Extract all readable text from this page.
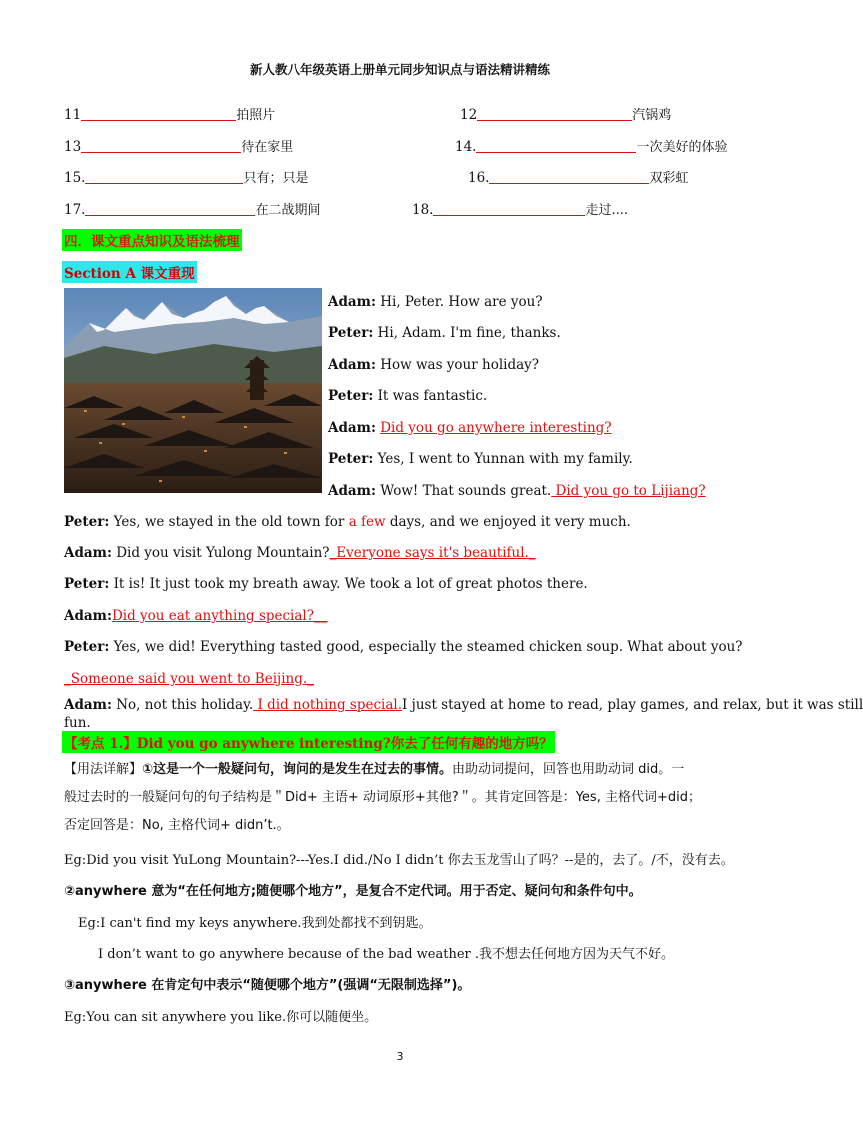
新人教八年级英语上册单元同步知识点与语法精讲精练
11	拍照片	12	汽锅鸡
13	待在家里	14.	一次美好的体验
15.	只有；只是	16.	双彩虹
17.	在二战期间	18.	走过....
四．课文重点知识及语法梳理
Section A 课文重现
Adam: Hi, Peter. How are you?
Peter: Hi, Adam. I'm fine, thanks.
Adam: How was your holiday?
Peter: It was fantastic.
Adam: Did you go anywhere interesting?
Peter: Yes, I went to Yunnan with my family.
Adam: Wow! That sounds great. Did you go to Lijiang?
Peter: Yes, we stayed in the old town for a few days, and we enjoyed it very much.
Adam: Did you visit Yulong Mountain?_Everyone says it's beautiful._
Peter: It is! It just took my breath away. We took a lot of great photos there.
Adam:Did you eat anything special?__
Peter: Yes, we did! Everything tasted good, especially the steamed chicken soup. What about you?
_Someone said you went to Beijing._
Adam: No, not this holiday. I did nothing special.I just stayed at home to read, play games, and relax, but it was still
fun.
【考点 1.】Did you go anywhere interesting?你去了任何有趣的地方吗？
【用法详解】①这是一个一般疑问句，询问的是发生在过去的事情。由助动词提问，回答也用助动词 did。一
般过去时的一般疑问句的句子结构是＂Did+ 主语+ 动词原形+其他?＂。其肯定回答是：Yes, 主格代词+did；
否定回答是：No, 主格代词+ didn’t.。
Eg:Did you visit YuLong Mountain?---Yes.I did./No I didn’t 你去玉龙雪山了吗？--是的，去了。/不，没有去。
②anywhere 意为“在任何地方;随便哪个地方”，是复合不定代词。用于否定、疑问句和条件句中。
Eg:I can't find my keys anywhere.我到处都找不到钥匙。
I don’t want to go anywhere because of the bad weather .我不想去任何地方因为天气不好。
③anywhere 在肯定句中表示“随便哪个地方”(强调“无限制选择”)。
Eg:You can sit anywhere you like.你可以随便坐。
3
